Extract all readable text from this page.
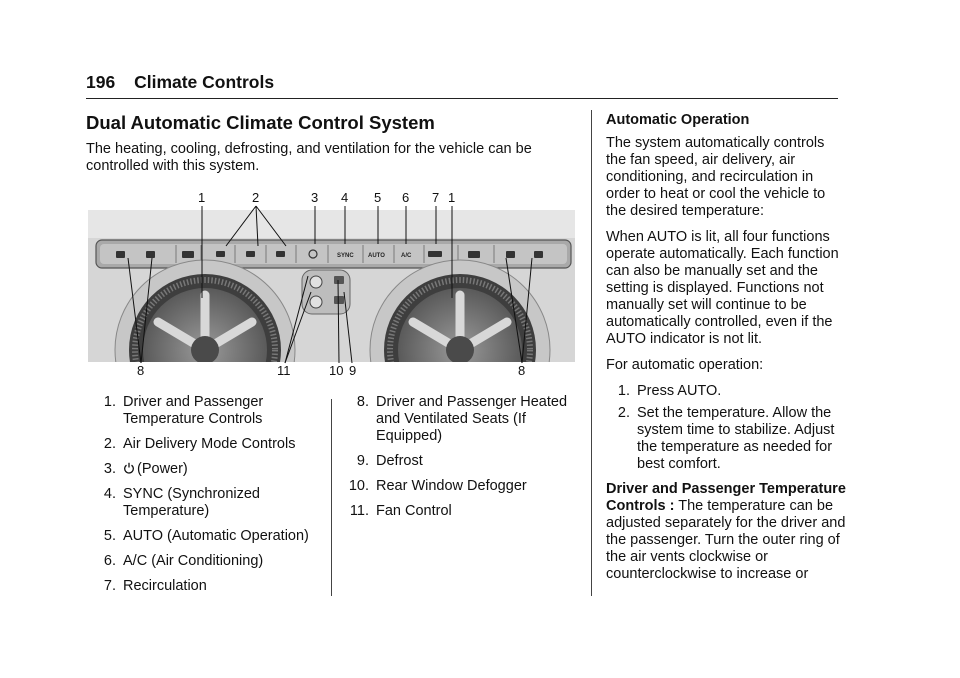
196 Climate Controls
Dual Automatic Climate Control System
The heating, cooling, defrosting, and ventilation for the vehicle can be controlled with this system.
SYNC AUTO	A/C
1	2	3 4 5 6 7 1
8	11	10 9	8
1. Driver and Passenger Temperature Controls
2. Air Delivery Mode Controls
3. (Power)
4. SYNC (Synchronized Temperature)
5. AUTO (Automatic Operation)
6. A/C (Air Conditioning)
7. Recirculation
8. Driver and Passenger Heated and Ventilated Seats (If Equipped)
9. Defrost
10. Rear Window Defogger
11. Fan Control
Automatic Operation

The system automatically controls the fan speed, air delivery, air conditioning, and recirculation in order to heat or cool the vehicle to the desired temperature:

When AUTO is lit, all four functions operate automatically. Each function can also be manually set and the setting is displayed. Functions not manually set will continue to be automatically controlled, even if the AUTO indicator is not lit.

For automatic operation:

1. Press AUTO.
2. Set the temperature. Allow the system time to stabilize. Adjust the temperature as needed for best comfort.

Driver and Passenger Temperature Controls : The temperature can be adjusted separately for the driver and the passenger. Turn the outer ring of the air vents clockwise or counterclockwise to increase or
